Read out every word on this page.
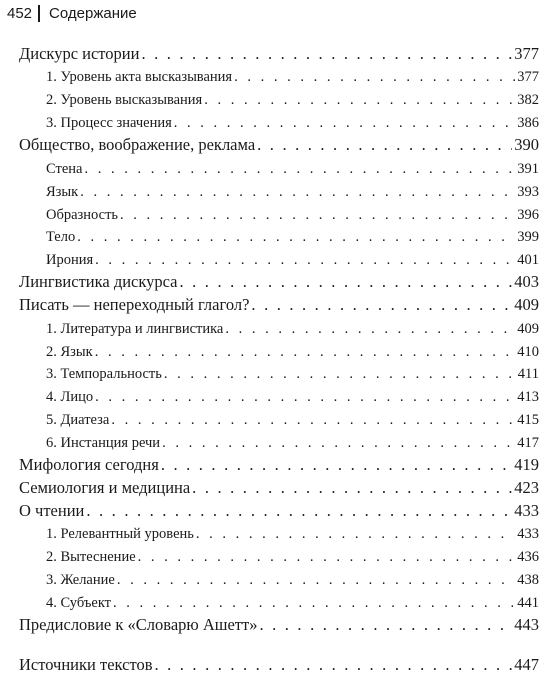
452 Содержание
Дискурс истории . . .	377
1. Уровень акта высказывания . . .	377
2. Уровень высказывания . . .	382
3. Процесс значения . . .	386
Общество, воображение, реклама . . .	390
Стена . . .	391
Язык . . .	393
Образность . . .	396
Тело . . .	399
Ирония . . .	401
Лингвистика дискурса . . .	403
Писать — непереходный глагол? . . .	409
1. Литература и лингвистика . . .	409
2. Язык . . .	410
3. Темпоральность . . .	411
4. Лицо . . .	413
5. Диатеза . . .	415
6. Инстанция речи . . .	417
Мифология сегодня . . .	419
Семиология и медицина . . .	423
О чтении . . .	433
1. Релевантный уровень . . .	433
2. Вытеснение . . .	436
3. Желание . . .	438
4. Субъект . . .	441
Предисловие к «Словарю Ашетт» . . .	443
Источники текстов . . .	447
